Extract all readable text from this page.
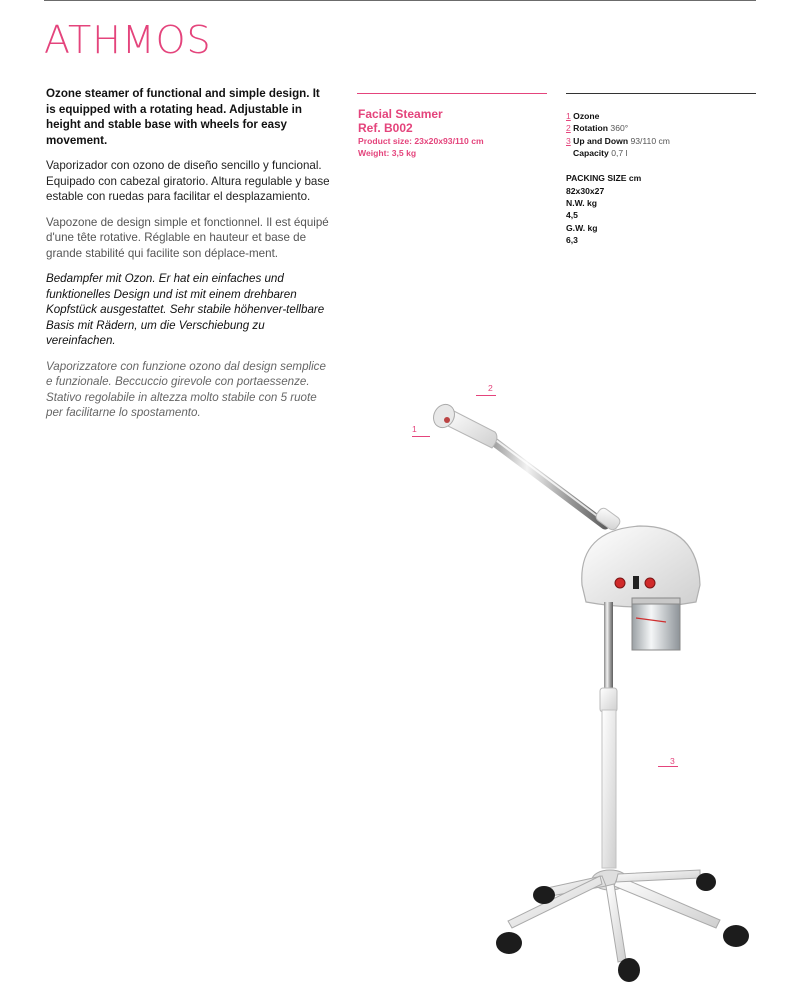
ATHMOS

Ozone steamer of functional and simple design. It is equipped with a rotating head. Adjustable in height and stable base with wheels for easy movement.

Vaporizador con ozono de diseño sencillo y funcional. Equipado con cabezal giratorio. Altura regulable y base estable con ruedas para facilitar el desplazamiento.

Vapozone de design simple et fonctionnel. Il est équipé d'une tête rotative. Réglable en hauteur et base de grande stabilité qui facilite son déplace-ment.

Bedampfer mit Ozon. Er hat ein einfaches und funktionelles Design und ist mit einem drehbaren Kopfstück ausgestattet. Sehr stabile höhenver-tellbare Basis mit Rädern, um die Verschiebung zu vereinfachen.

Vaporizzatore con funzione ozono dal design semplice e funzionale. Beccuccio girevole con portaessenze. Stativo regolabile in altezza molto stabile con 5 ruote per facilitarne lo spostamento.

Facial Steamer
Ref. B002
Product size: 23x20x93/110 cm
Weight: 3,5 kg
1 Ozone
2 Rotation 360°
3 Up and Down 93/110 cm
Capacity 0,7 l
PACKING SIZE cm
82x30x27
N.W. kg
4,5
G.W. kg
6,3
1
2
3
